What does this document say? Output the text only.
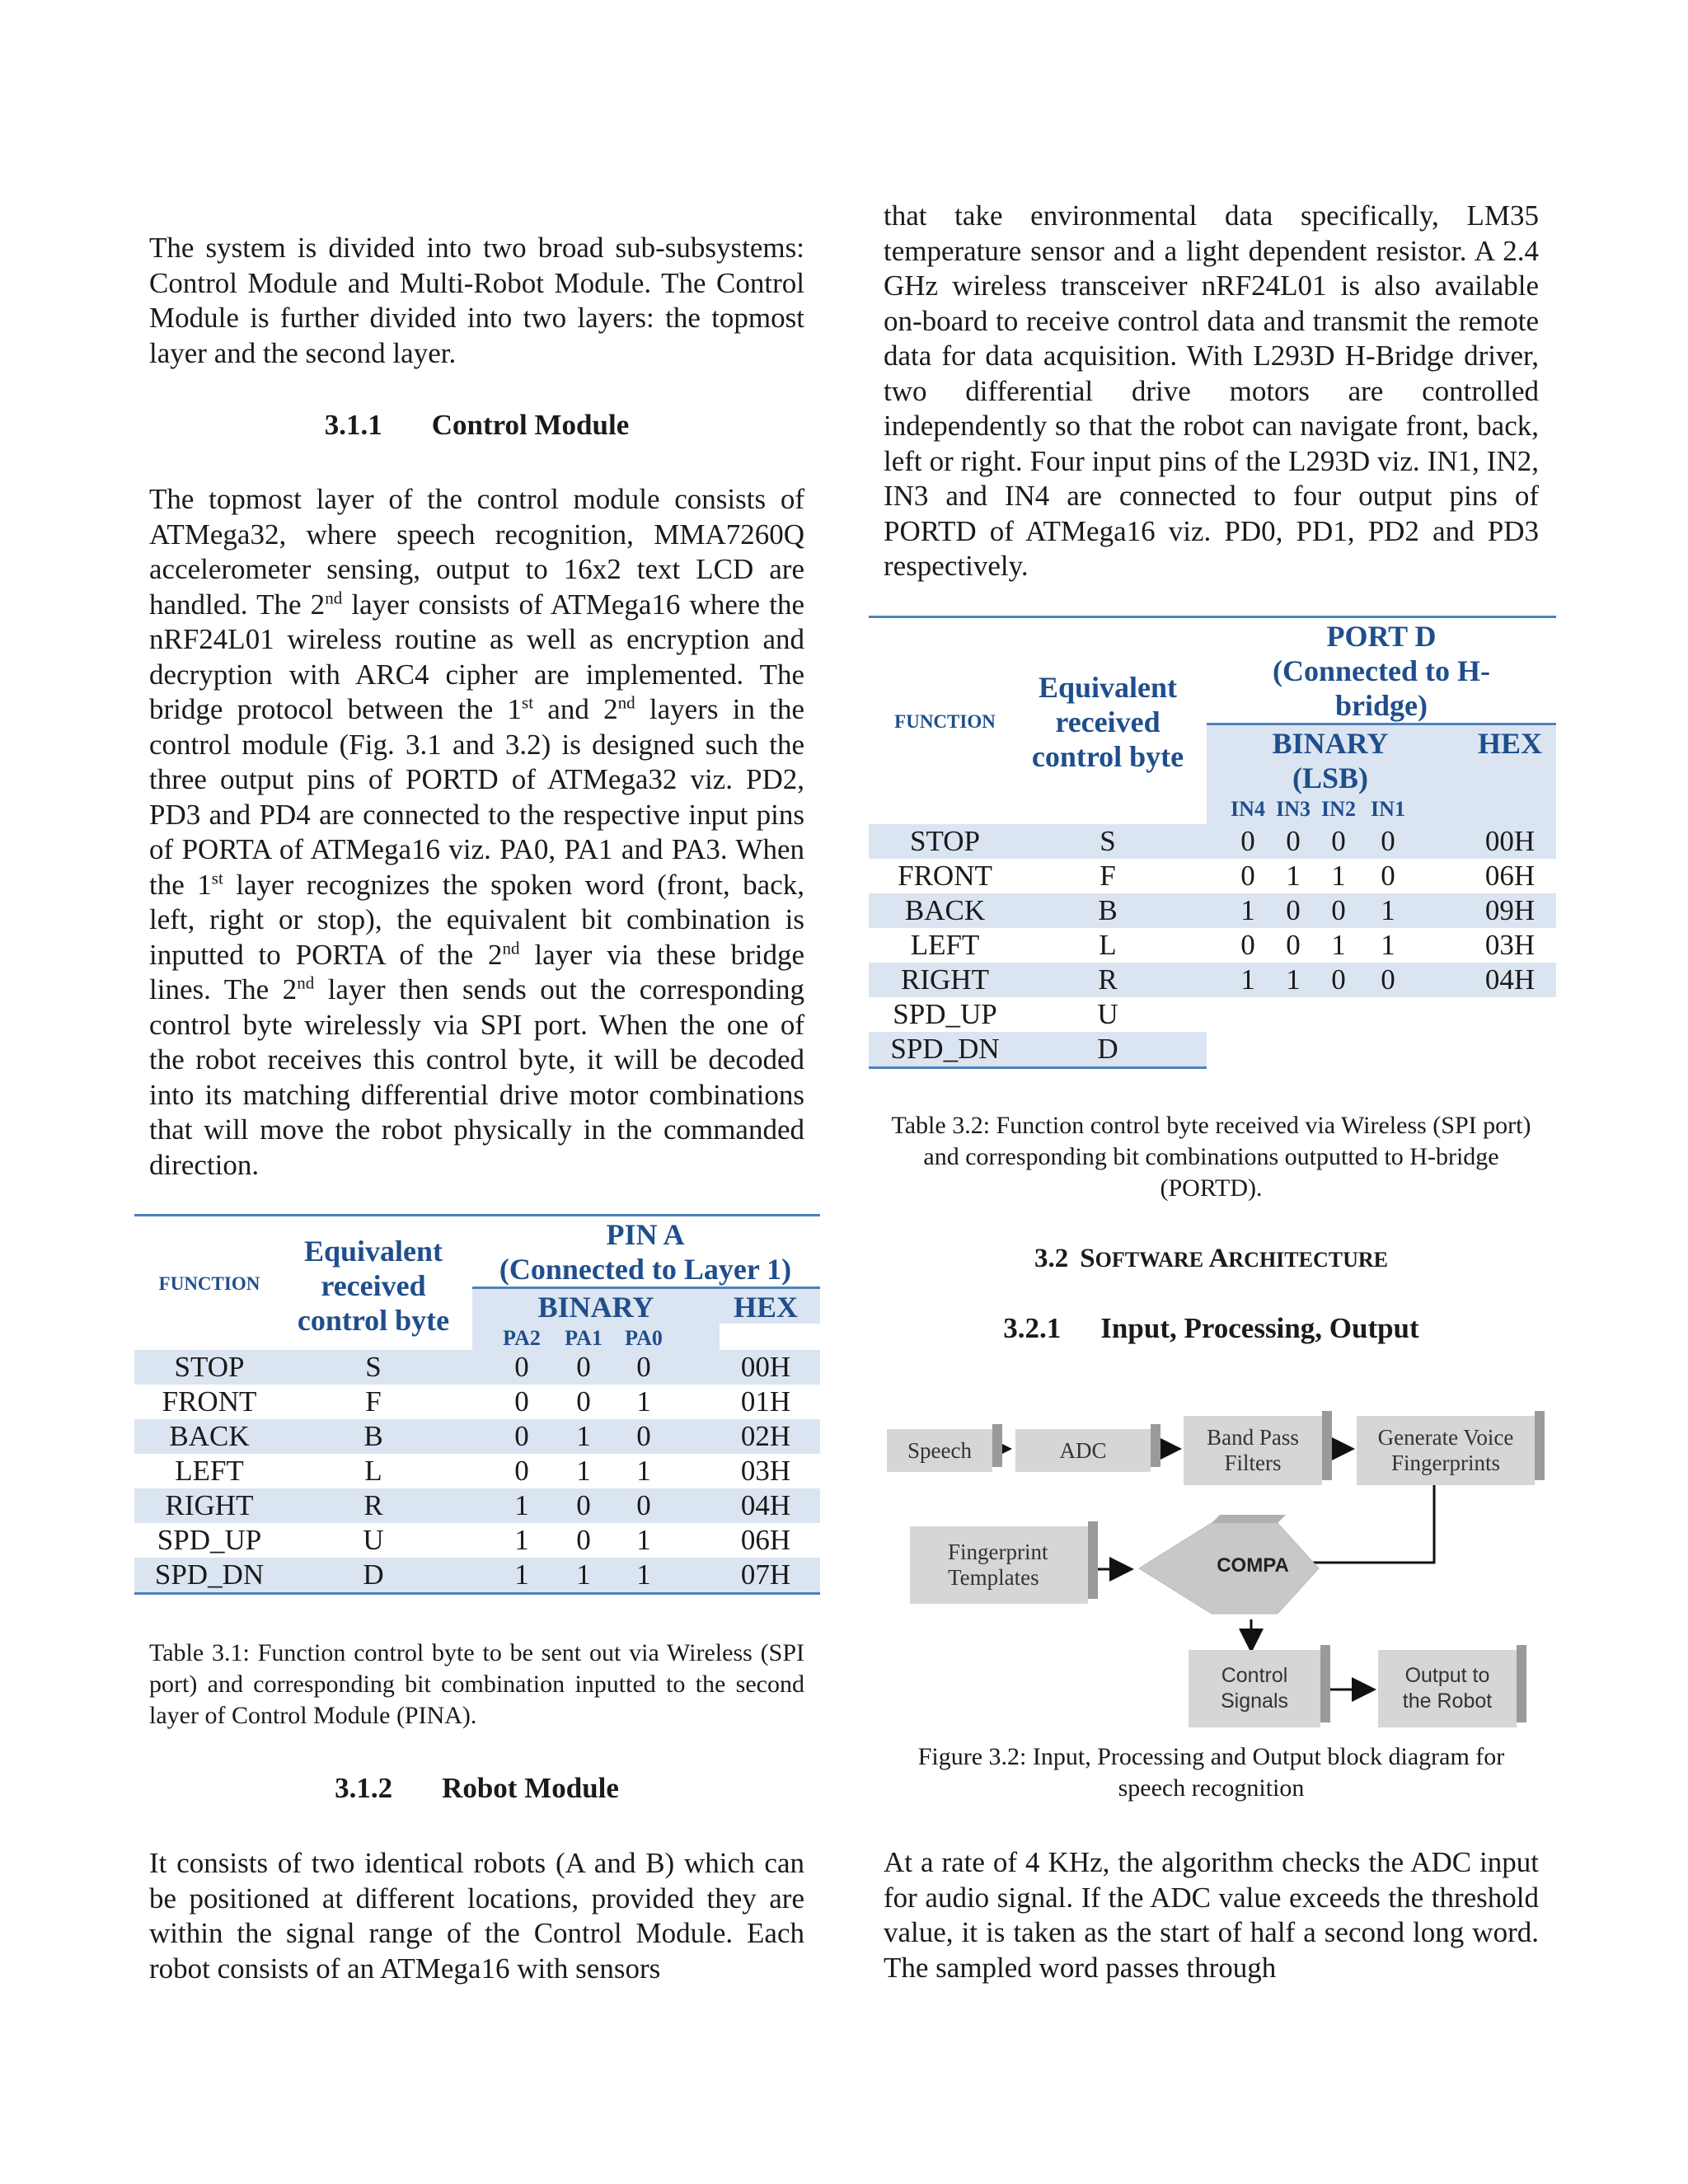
The system is divided into two broad sub-subsystems: Control Module and Multi-Robot Module. The Control Module is further divided into two layers: the topmost layer and the second layer.

3.1.1 Control Module

The topmost layer of the control module consists of ATMega32, where speech recognition, MMA7260Q accelerometer sensing, output to 16x2 text LCD are handled. The 2nd layer consists of ATMega16 where the nRF24L01 wireless routine as well as encryption and decryption with ARC4 cipher are implemented. The bridge protocol between the 1st and 2nd layers in the control module (Fig. 3.1 and 3.2) is designed such the three output pins of PORTD of ATMega32 viz. PD2, PD3 and PD4 are connected to the respective input pins of PORTA of ATMega16 viz. PA0, PA1 and PA3. When the 1st layer recognizes the spoken word (front, back, left, right or stop), the equivalent bit combination is inputted to PORTA of the 2nd layer via these bridge lines. The 2nd layer then sends out the corresponding control byte wirelessly via SPI port. When the one of the robot receives this control byte, it will be decoded into its matching differential drive motor combinations that will move the robot physically in the commanded direction.

FUNCTION
Equivalent
received
control byte
PIN A
(Connected to Layer 1)
BINARY	HEX
PA2	PA1	PA0
STOP	S	0	0	0	00H
FRONT	F	0	0	1	01H
BACK	B	0	1	0	02H
LEFT	L	0	1	1	03H
RIGHT	R	1	0	0	04H
SPD_UP	U	1	0	1	06H
SPD_DN	D	1	1	1	07H
Table 3.1: Function control byte to be sent out via Wireless (SPI port) and corresponding bit combination inputted to the second layer of Control Module (PINA).
3.1.2 Robot Module

It consists of two identical robots (A and B) which can be positioned at different locations, provided they are within the signal range of the Control Module. Each robot consists of an ATMega16 with sensors

that take environmental data specifically, LM35 temperature sensor and a light dependent resistor. A 2.4 GHz wireless transceiver nRF24L01 is also available on-board to receive control data and transmit the remote data for data acquisition. With L293D H-Bridge driver, two differential drive motors are controlled independently so that the robot can navigate front, back, left or right. Four input pins of the L293D viz. IN1, IN2, IN3 and IN4 are connected to four output pins of PORTD of ATMega16 viz. PD0, PD1, PD2 and PD3 respectively.

FUNCTION
Equivalent
received
control byte
PORT D
(Connected to H-
bridge)
BINARY
(LSB)
HEX
IN4 IN3 IN2 IN1
STOP	S	0	0	0	0	00H
FRONT	F	0	1	1	0	06H
BACK	B	1	0	0	1	09H
LEFT	L	0	0	1	1	03H
RIGHT	R	1	1	0	0	04H
SPD_UP	U
SPD_DN	D
Table 3.2: Function control byte received via Wireless (SPI port) and corresponding bit combinations outputted to H-bridge (PORTD).
3.2 SOFTWARE ARCHITECTURE
3.2.1 Input, Processing, Output
Speech	ADC
Band Pass
Filters
Generate Voice
Fingerprints
Fingerprint
Templates	COMPA
Control
Signals
Output to
the Robot
Figure 3.2: Input, Processing and Output block diagram for speech recognition

At a rate of 4 KHz, the algorithm checks the ADC input for audio signal. If the ADC value exceeds the threshold value, it is taken as the start of half a second long word. The sampled word passes through
